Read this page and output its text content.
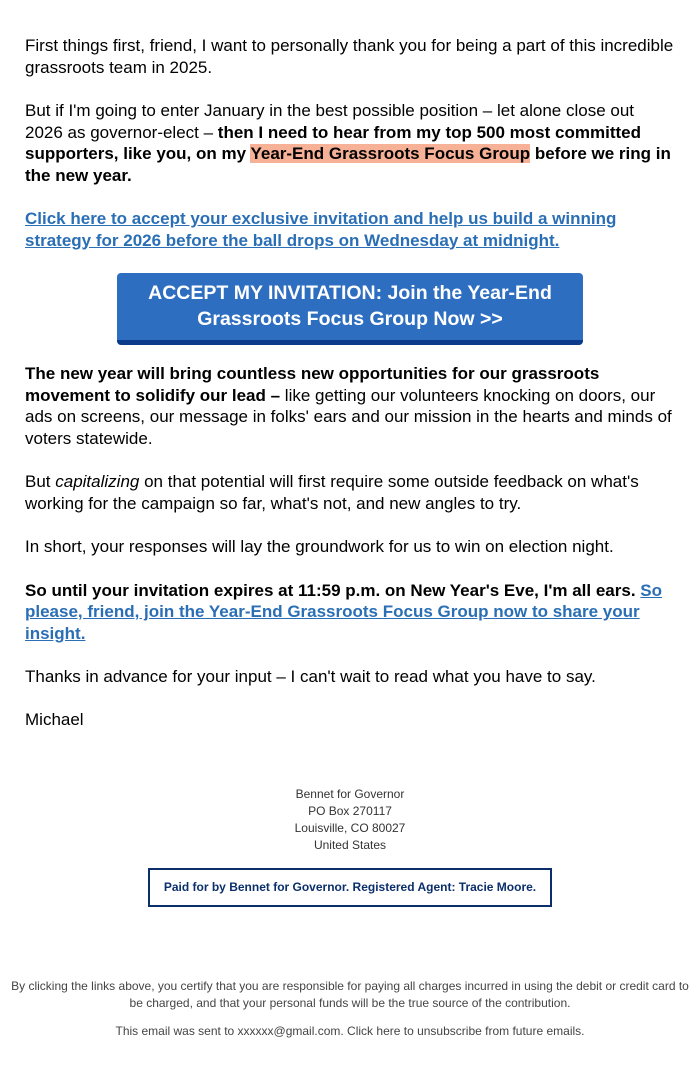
First things first, friend, I want to personally thank you for being a part of this incredible grassroots team in 2025.

But if I'm going to enter January in the best possible position – let alone close out 2026 as governor-elect – then I need to hear from my top 500 most committed supporters, like you, on my Year-End Grassroots Focus Group before we ring in the new year.

Click here to accept your exclusive invitation and help us build a winning strategy for 2026 before the ball drops on Wednesday at midnight.

ACCEPT MY INVITATION: Join the Year-End Grassroots Focus Group Now >>

The new year will bring countless new opportunities for our grassroots movement to solidify our lead – like getting our volunteers knocking on doors, our ads on screens, our message in folks' ears and our mission in the hearts and minds of voters statewide.

But capitalizing on that potential will first require some outside feedback on what's working for the campaign so far, what's not, and new angles to try.

In short, your responses will lay the groundwork for us to win on election night.

So until your invitation expires at 11:59 p.m. on New Year's Eve, I'm all ears. So please, friend, join the Year-End Grassroots Focus Group now to share your insight.

Thanks in advance for your input – I can't wait to read what you have to say.

Michael

Bennet for Governor
PO Box 270117
Louisville, CO 80027
United States
Paid for by Bennet for Governor. Registered Agent: Tracie Moore.
By clicking the links above, you certify that you are responsible for paying all charges incurred in using the debit or credit card to be charged, and that your personal funds will be the true source of the contribution.
This email was sent to xxxxxx@gmail.com. Click here to unsubscribe from future emails.
